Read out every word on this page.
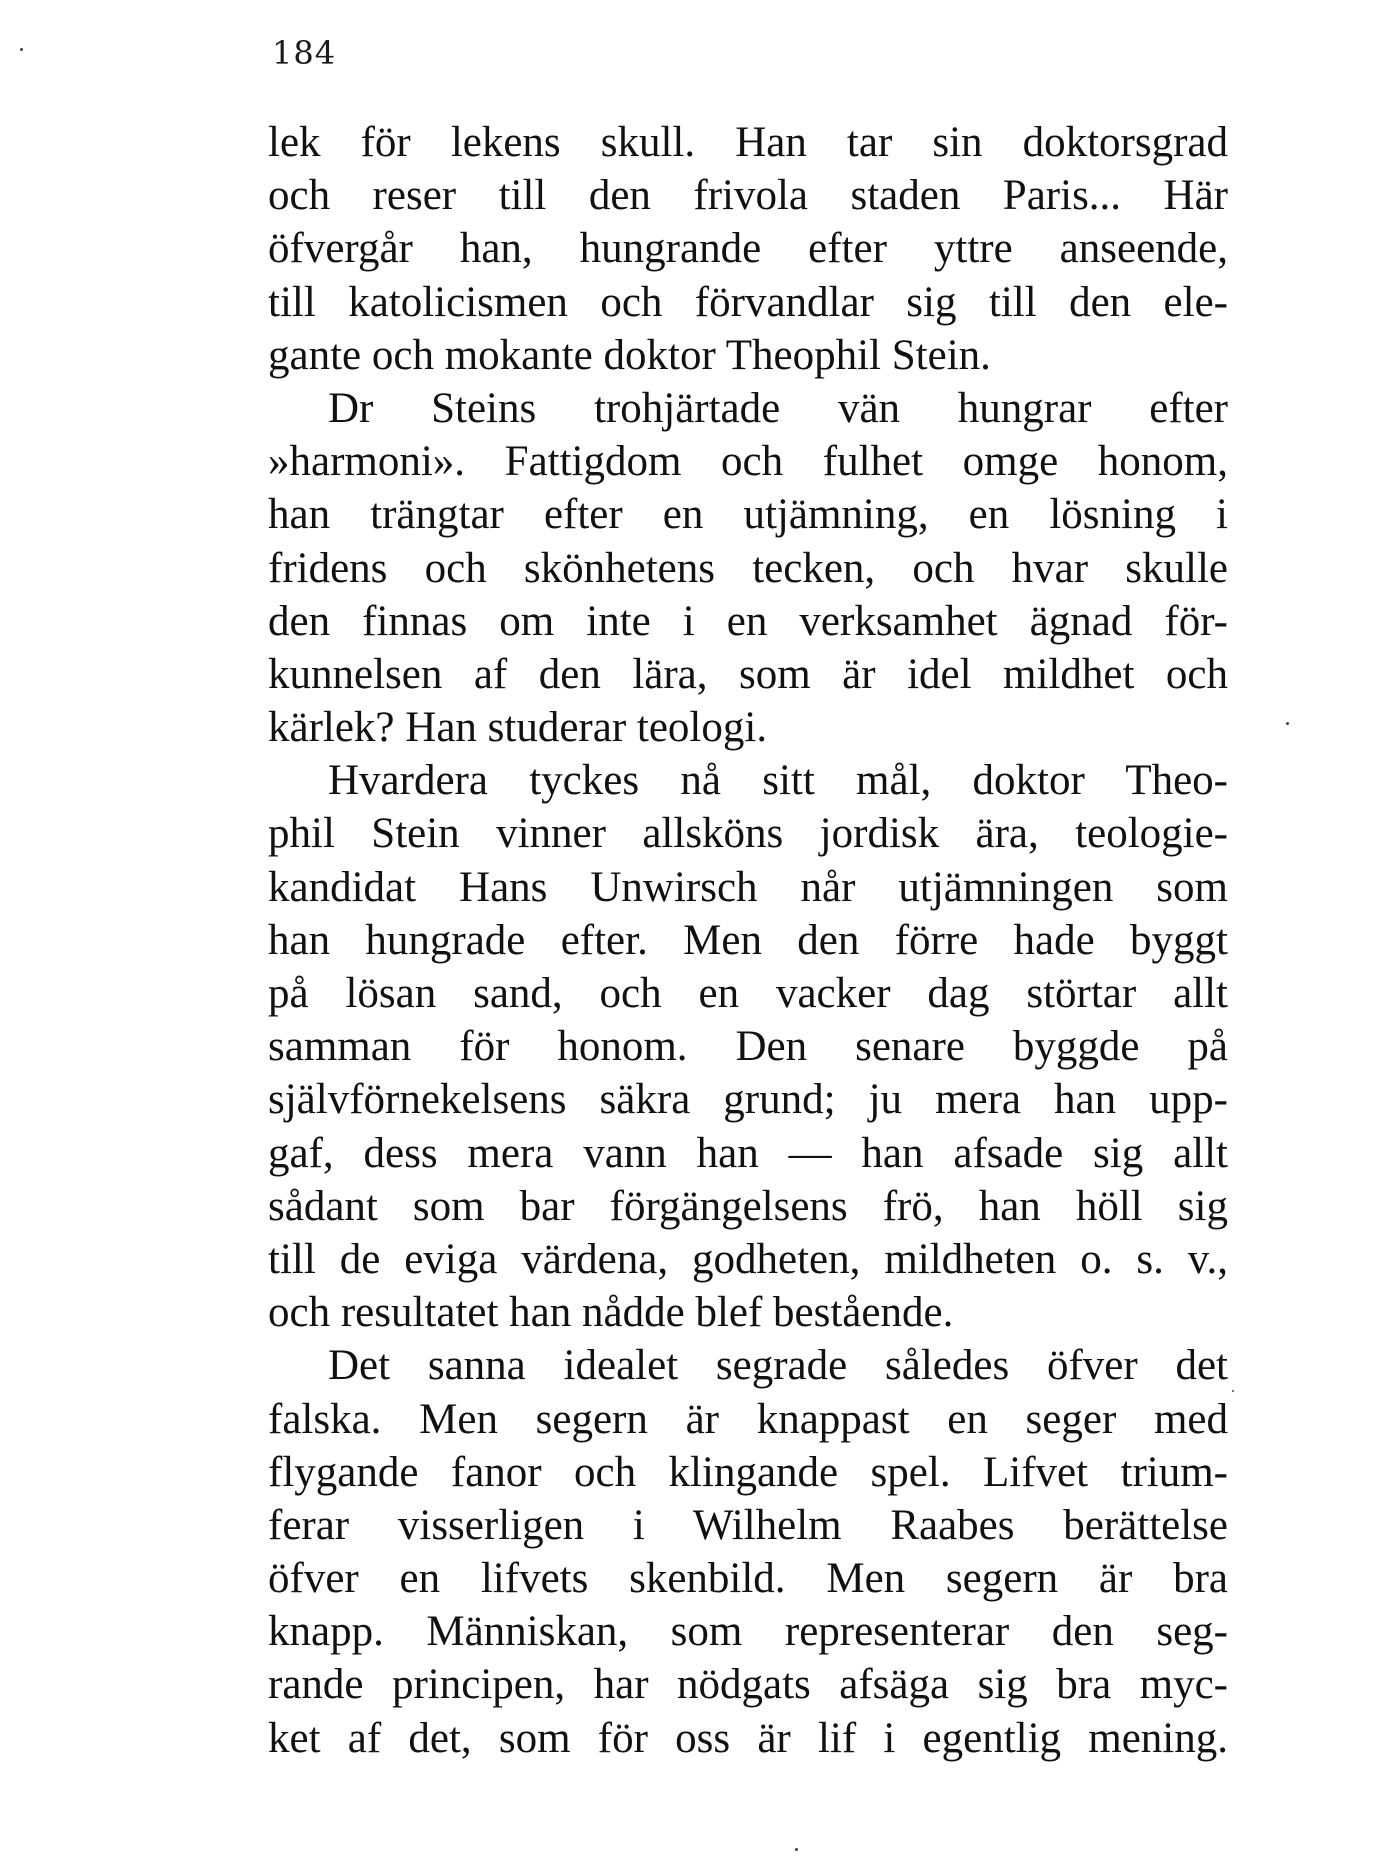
184
lek för lekens skull. Han tar sin doktorsgrad
och reser till den frivola staden Paris... Här
öfvergår han, hungrande efter yttre anseende,
till katolicismen och förvandlar sig till den ele-
gante och mokante doktor Theophil Stein.
Dr Steins trohjärtade vän hungrar efter
»harmoni». Fattigdom och fulhet omge honom,
han trängtar efter en utjämning, en lösning i
fridens och skönhetens tecken, och hvar skulle
den finnas om inte i en verksamhet ägnad för-
kunnelsen af den lära, som är idel mildhet och
kärlek? Han studerar teologi.
Hvardera tyckes nå sitt mål, doktor Theo-
phil Stein vinner allsköns jordisk ära, teologie-
kandidat Hans Unwirsch når utjämningen som
han hungrade efter. Men den förre hade byggt
på lösan sand, och en vacker dag störtar allt
samman för honom. Den senare byggde på
självförnekelsens säkra grund; ju mera han upp-
gaf, dess mera vann han — han afsade sig allt
sådant som bar förgängelsens frö, han höll sig
till de eviga värdena, godheten, mildheten o. s. v.,
och resultatet han nådde blef bestående.
Det sanna idealet segrade således öfver det
falska. Men segern är knappast en seger med
flygande fanor och klingande spel. Lifvet trium-
ferar visserligen i Wilhelm Raabes berättelse
öfver en lifvets skenbild. Men segern är bra
knapp. Människan, som representerar den seg-
rande principen, har nödgats afsäga sig bra myc-
ket af det, som för oss är lif i egentlig mening.
